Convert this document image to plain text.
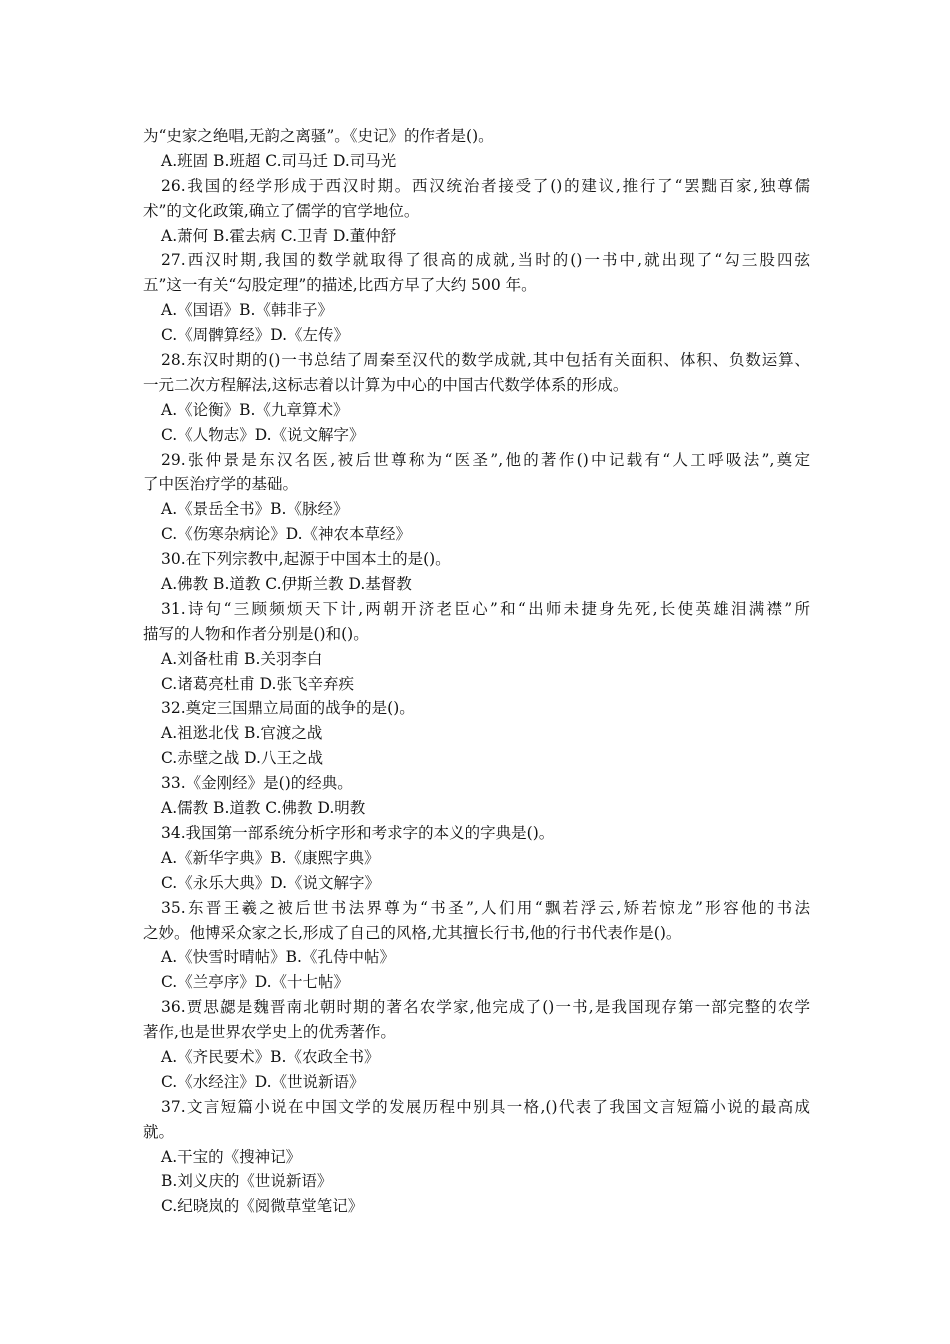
为“史家之绝唱,无韵之离骚”。《史记》的作者是()。
A.班固 B.班超 C.司马迁 D.司马光
26.我国的经学形成于西汉时期。西汉统治者接受了()的建议,推行了“罢黜百家,独尊儒
术”的文化政策,确立了儒学的官学地位。
A.萧何 B.霍去病 C.卫青 D.董仲舒
27.西汉时期,我国的数学就取得了很高的成就,当时的()一书中,就出现了“勾三股四弦
五”这一有关“勾股定理”的描述,比西方早了大约 500 年。
A.《国语》B.《韩非子》
C.《周髀算经》D.《左传》
28.东汉时期的()一书总结了周秦至汉代的数学成就,其中包括有关面积、体积、负数运算、
一元二次方程解法,这标志着以计算为中心的中国古代数学体系的形成。
A.《论衡》B.《九章算术》
C.《人物志》D.《说文解字》
29.张仲景是东汉名医,被后世尊称为“医圣”,他的著作()中记载有“人工呼吸法”,奠定
了中医治疗学的基础。
A.《景岳全书》B.《脉经》
C.《伤寒杂病论》D.《神农本草经》
30.在下列宗教中,起源于中国本土的是()。
A.佛教 B.道教 C.伊斯兰教 D.基督教
31.诗句“三顾频烦天下计,两朝开济老臣心”和“出师未捷身先死,长使英雄泪满襟”所
描写的人物和作者分别是()和()。
A.刘备杜甫 B.关羽李白
C.诸葛亮杜甫 D.张飞辛弃疾
32.奠定三国鼎立局面的战争的是()。
A.祖逖北伐 B.官渡之战
C.赤壁之战 D.八王之战
33.《金刚经》是()的经典。
A.儒教 B.道教 C.佛教 D.明教
34.我国第一部系统分析字形和考求字的本义的字典是()。
A.《新华字典》B.《康熙字典》
C.《永乐大典》D.《说文解字》
35.东晋王羲之被后世书法界尊为“书圣”,人们用“飘若浮云,矫若惊龙”形容他的书法
之妙。他博采众家之长,形成了自己的风格,尤其擅长行书,他的行书代表作是()。
A.《快雪时晴帖》B.《孔侍中帖》
C.《兰亭序》D.《十七帖》
36.贾思勰是魏晋南北朝时期的著名农学家,他完成了()一书,是我国现存第一部完整的农学
著作,也是世界农学史上的优秀著作。
A.《齐民要术》B.《农政全书》
C.《水经注》D.《世说新语》
37.文言短篇小说在中国文学的发展历程中别具一格,()代表了我国文言短篇小说的最高成
就。
A.干宝的《搜神记》
B.刘义庆的《世说新语》
C.纪晓岚的《阅微草堂笔记》
